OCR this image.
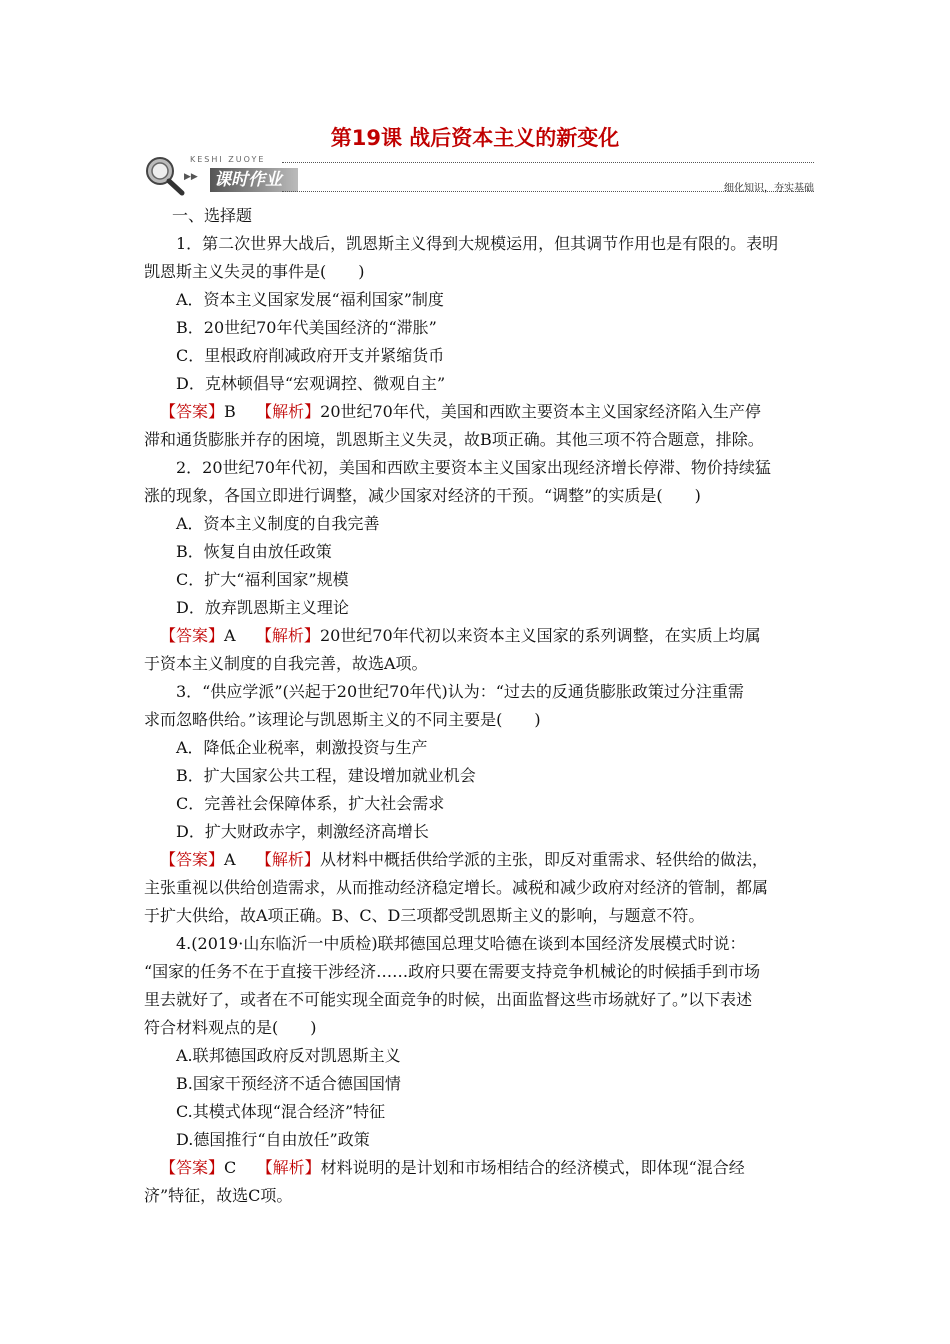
第19课 战后资本主义的新变化
KESHI ZUOYE
▶▶ 课时作业	细化知识，夯实基础

一、选择题

1．第二次世界大战后，凯恩斯主义得到大规模运用，但其调节作用也是有限的。表明

凯恩斯主义失灵的事件是(　　)

A．资本主义国家发展“福利国家”制度

B．20世纪70年代美国经济的“滞胀”

C．里根政府削减政府开支并紧缩货币

D．克林顿倡导“宏观调控、微观自主”

【答案】B 【解析】20世纪70年代，美国和西欧主要资本主义国家经济陷入生产停

滞和通货膨胀并存的困境，凯恩斯主义失灵，故B项正确。其他三项不符合题意，排除。

2．20世纪70年代初，美国和西欧主要资本主义国家出现经济增长停滞、物价持续猛

涨的现象，各国立即进行调整，减少国家对经济的干预。“调整”的实质是(　　)

A．资本主义制度的自我完善

B．恢复自由放任政策

C．扩大“福利国家”规模

D．放弃凯恩斯主义理论

【答案】A 【解析】20世纪70年代初以来资本主义国家的系列调整，在实质上均属

于资本主义制度的自我完善，故选A项。

3．“供应学派”(兴起于20世纪70年代)认为：“过去的反通货膨胀政策过分注重需

求而忽略供给。”该理论与凯恩斯主义的不同主要是(　　)

A．降低企业税率，刺激投资与生产

B．扩大国家公共工程，建设增加就业机会

C．完善社会保障体系，扩大社会需求

D．扩大财政赤字，刺激经济高增长

【答案】A 【解析】从材料中概括供给学派的主张，即反对重需求、轻供给的做法，

主张重视以供给创造需求，从而推动经济稳定增长。减税和减少政府对经济的管制，都属

于扩大供给，故A项正确。B、C、D三项都受凯恩斯主义的影响，与题意不符。

4.(2019·山东临沂一中质检)联邦德国总理艾哈德在谈到本国经济发展模式时说：

“国家的任务不在于直接干涉经济……政府只要在需要支持竞争机械论的时候插手到市场

里去就好了，或者在不可能实现全面竞争的时候，出面监督这些市场就好了。”以下表述

符合材料观点的是(　　)

A.联邦德国政府反对凯恩斯主义

B.国家干预经济不适合德国国情

C.其模式体现“混合经济”特征

D.德国推行“自由放任”政策

【答案】C 【解析】材料说明的是计划和市场相结合的经济模式，即体现“混合经

济”特征，故选C项。
